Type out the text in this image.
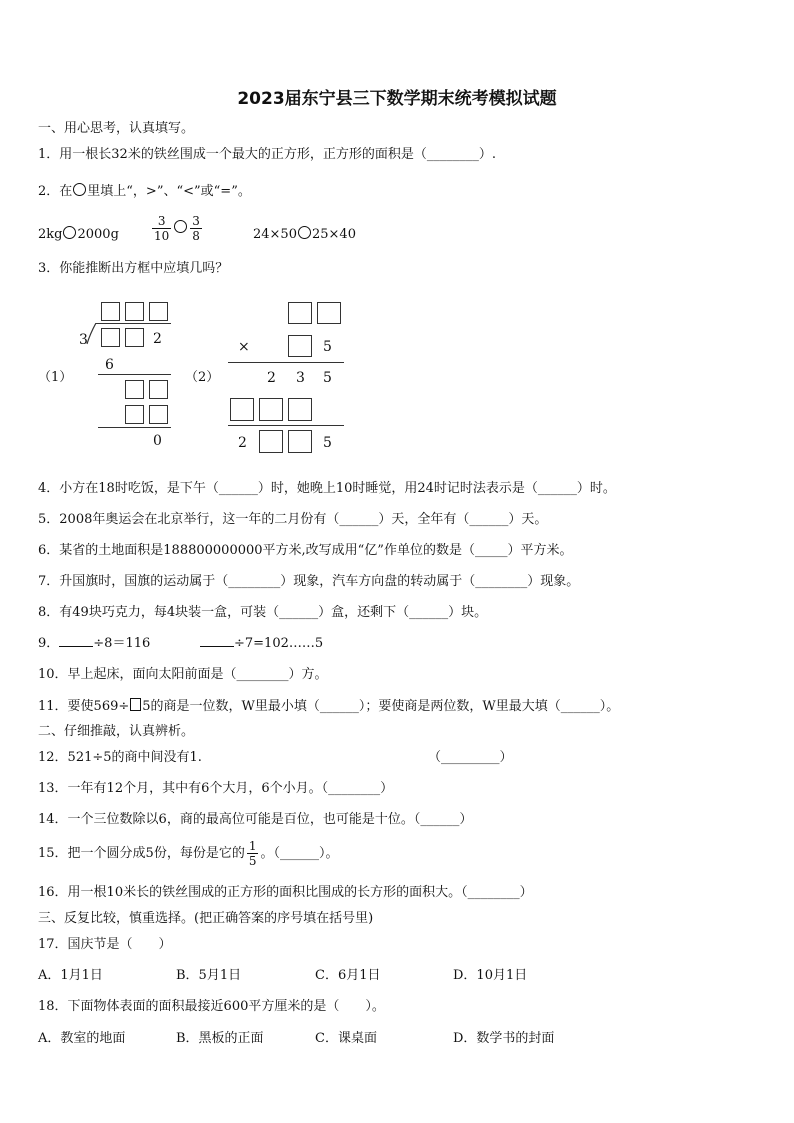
2023届东宁县三下数学期末统考模拟试题
一、用心思考，认真填写。
1．用一根长32米的铁丝围成一个最大的正方形，正方形的面积是（________）.
2．在 里填上“，>”、“<”或“=”。
2kg 2000g	$\frac{3}{10} \frac{3}{8}$	24×50 25×40
3．你能推断出方框中应填几吗？
3	2
6
0
（1）	（2）
×	5
2 3 5
2	5
4．小方在18时吃饭，是下午（______）时，她晚上10时睡觉，用24时记时法表示是（______）时。
5．2008年奥运会在北京举行，这一年的二月份有（______）天，全年有（______）天。
6．某省的土地面积是188800000000平方米,改写成用“亿”作单位的数是（_____）平方米。
7．升国旗时，国旗的运动属于（________）现象，汽车方向盘的转动属于（________）现象。
8．有49块巧克力，每4块装一盒，可装（______）盒，还剩下（______）块。
9．	÷8＝116	÷7=102……5
10．早上起床，面向太阳前面是（________）方。
11．要使569÷ 5的商是一位数，W里最小填（______）；要使商是两位数，W里最大填（______）。
二、仔细推敲，认真辨析。
12．521÷5的商中间没有1.	（_________）
13．一年有12个月，其中有6个大月，6个小月。（________）
14．一个三位数除以6，商的最高位可能是百位，也可能是十位。（______）
15．把一个圆分成5份，每份是它的 $\frac{1}{5}$ 。（______）。
16．用一根10米长的铁丝围成的正方形的面积比围成的长方形的面积大。（________）
三、反复比较，慎重选择。(把正确答案的序号填在括号里)
17．国庆节是（　　）
A．1月1日	B．5月1日	C．6月1日	D．10月1日
18．下面物体表面的面积最接近600平方厘米的是（　　）。
A．教室的地面	B．黑板的正面	C．课桌面	D．数学书的封面
